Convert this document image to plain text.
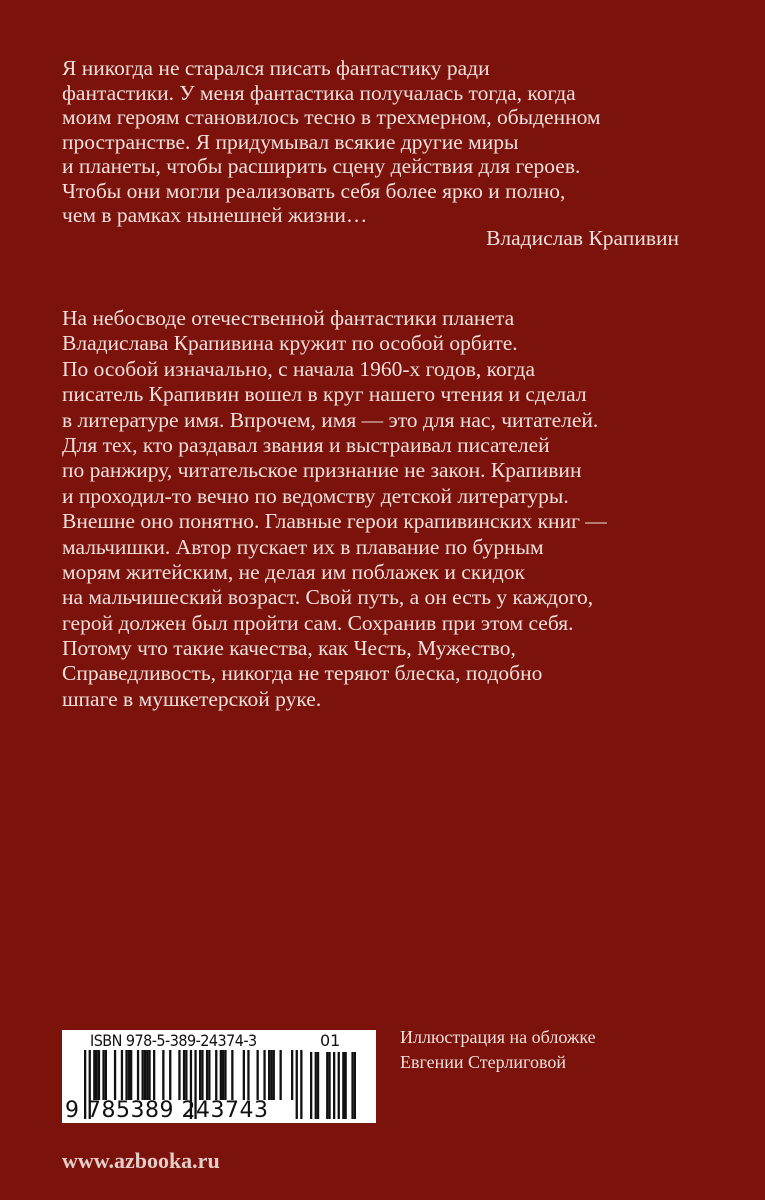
Я никогда не старался писать фантастику ради
фантастики. У меня фантастика получалась тогда, когда
моим героям становилось тесно в трехмерном, обыденном
пространстве. Я придумывал всякие другие миры
и планеты, чтобы расширить сцену действия для героев.
Чтобы они могли реализовать себя более ярко и полно,
чем в рамках нынешней жизни…
Владислав Крапивин
На небосводе отечественной фантастики планета
Владислава Крапивина кружит по особой орбите.
По особой изначально, с начала 1960-х годов, когда
писатель Крапивин вошел в круг нашего чтения и сделал
в литературе имя. Впрочем, имя — это для нас, читателей.
Для тех, кто раздавал звания и выстраивал писателей
по ранжиру, читательское признание не закон. Крапивин
и проходил-то вечно по ведомству детской литературы.
Внешне оно понятно. Главные герои крапивинских книг —
мальчишки. Автор пускает их в плавание по бурным
морям житейским, не делая им поблажек и скидок
на мальчишеский возраст. Свой путь, а он есть у каждого,
герой должен был пройти сам. Сохранив при этом себя.
Потому что такие качества, как Честь, Мужество,
Справедливость, никогда не теряют блеска, подобно
шпаге в мушкетерской руке.
ISBN 978-5-389-24374-3	01
9 785389 243743
Иллюстрация на обложке
Евгении Стерлиговой
www.azbooka.ru
